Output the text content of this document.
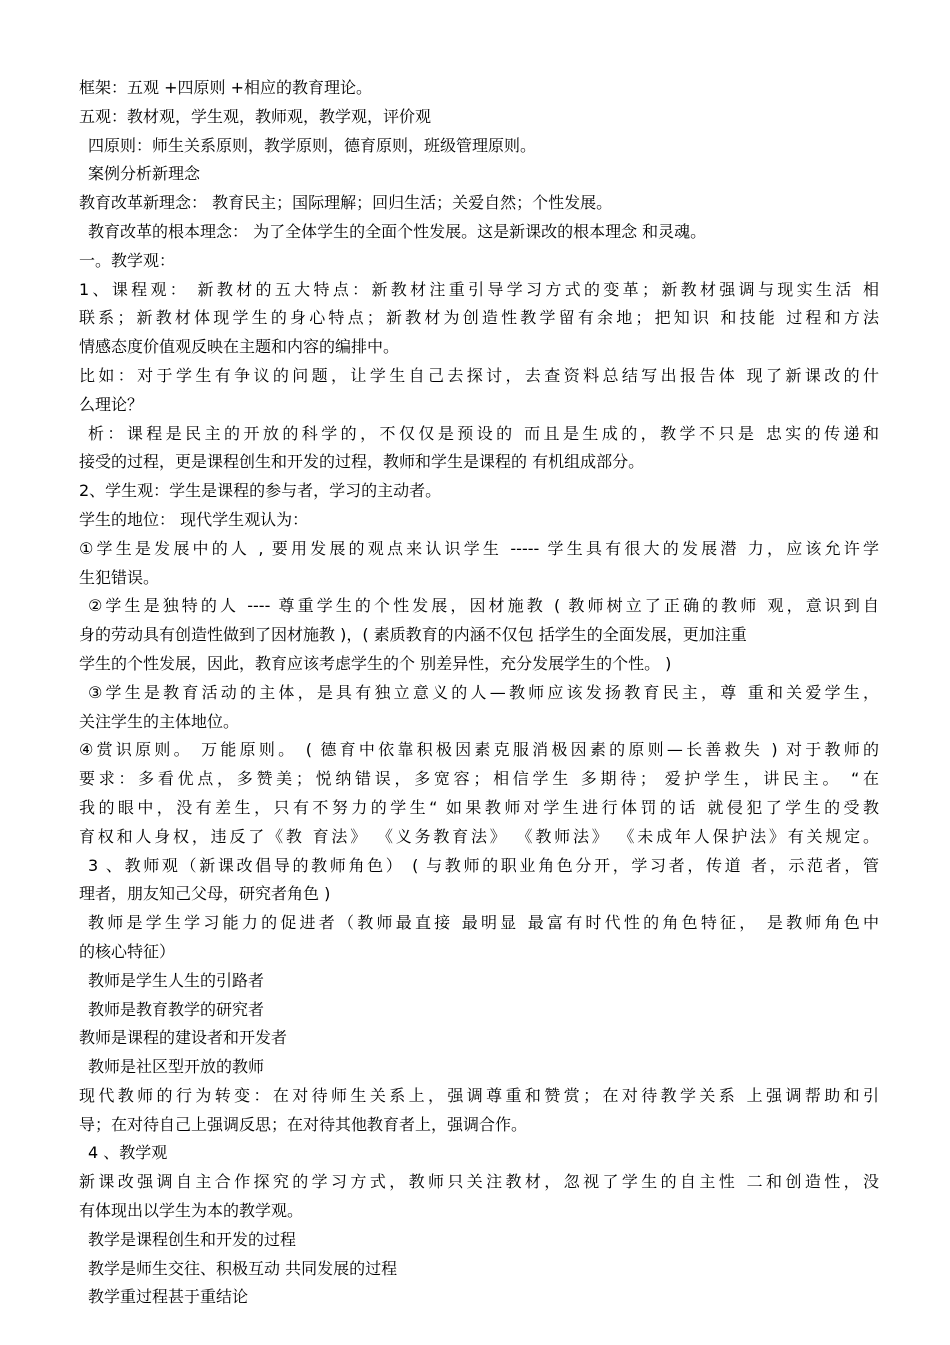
框架：五观 +四原则 +相应的教育理论。
五观：教材观，学生观，教师观，教学观，评价观
四原则：师生关系原则，教学原则，德育原则，班级管理原则。
案例分析新理念
教育改革新理念： 教育民主；国际理解；回归生活；关爱自然；个性发展。
教育改革的根本理念： 为了全体学生的全面个性发展。这是新课改的根本理念 和灵魂。
一。教学观：
1、课程观： 新教材的五大特点：新教材注重引导学习方式的变革；新教材强调与现实生活 相
联系；新教材体现学生的身心特点；新教材为创造性教学留有余地；把知识 和技能 过程和方法
情感态度价值观反映在主题和内容的编排中。
比如：对于学生有争议的问题，让学生自己去探讨，去查资料总结写出报告体 现了新课改的什
么理论？
析：课程是民主的开放的科学的，不仅仅是预设的 而且是生成的，教学不只是 忠实的传递和
接受的过程，更是课程创生和开发的过程，教师和学生是课程的 有机组成部分。
2、学生观：学生是课程的参与者，学习的主动者。
学生的地位： 现代学生观认为：
①学生是发展中的人 , 要用发展的观点来认识学生 ----- 学生具有很大的发展潜 力，应该允许学
生犯错误。
②学生是独特的人 ---- 尊重学生的个性发展，因材施教 ( 教师树立了正确的教师 观，意识到自
身的劳动具有创造性做到了因材施教 )，( 素质教育的内涵不仅包 括学生的全面发展，更加注重
学生的个性发展，因此，教育应该考虑学生的个 别差异性，充分发展学生的个性。 )
③学生是教育活动的主体，是具有独立意义的人—教师应该发扬教育民主，尊 重和关爱学生，
关注学生的主体地位。
④赏识原则。 万能原则。 ( 德育中依靠积极因素克服消极因素的原则—长善救失 ) 对于教师的
要求：多看优点，多赞美；悦纳错误，多宽容；相信学生 多期待； 爱护学生，讲民主。 “在
我的眼中，没有差生，只有不努力的学生“ 如果教师对学生进行体罚的话 就侵犯了学生的受教
育权和人身权，违反了《教 育法》 《义务教育法》 《教师法》 《未成年人保护法》有关规定。
3 、教师观（新课改倡导的教师角色） ( 与教师的职业角色分开，学习者，传道 者，示范者，管
理者，朋友知己父母，研究者角色 )
教师是学生学习能力的促进者（教师最直接 最明显 最富有时代性的角色特征， 是教师角色中
的核心特征）
教师是学生人生的引路者
教师是教育教学的研究者
教师是课程的建设者和开发者
教师是社区型开放的教师
现代教师的行为转变：在对待师生关系上，强调尊重和赞赏；在对待教学关系 上强调帮助和引
导；在对待自己上强调反思；在对待其他教育者上，强调合作。
4 、教学观
新课改强调自主合作探究的学习方式，教师只关注教材，忽视了学生的自主性 二和创造性，没
有体现出以学生为本的教学观。
教学是课程创生和开发的过程
教学是师生交往、积极互动 共同发展的过程
教学重过程甚于重结论
